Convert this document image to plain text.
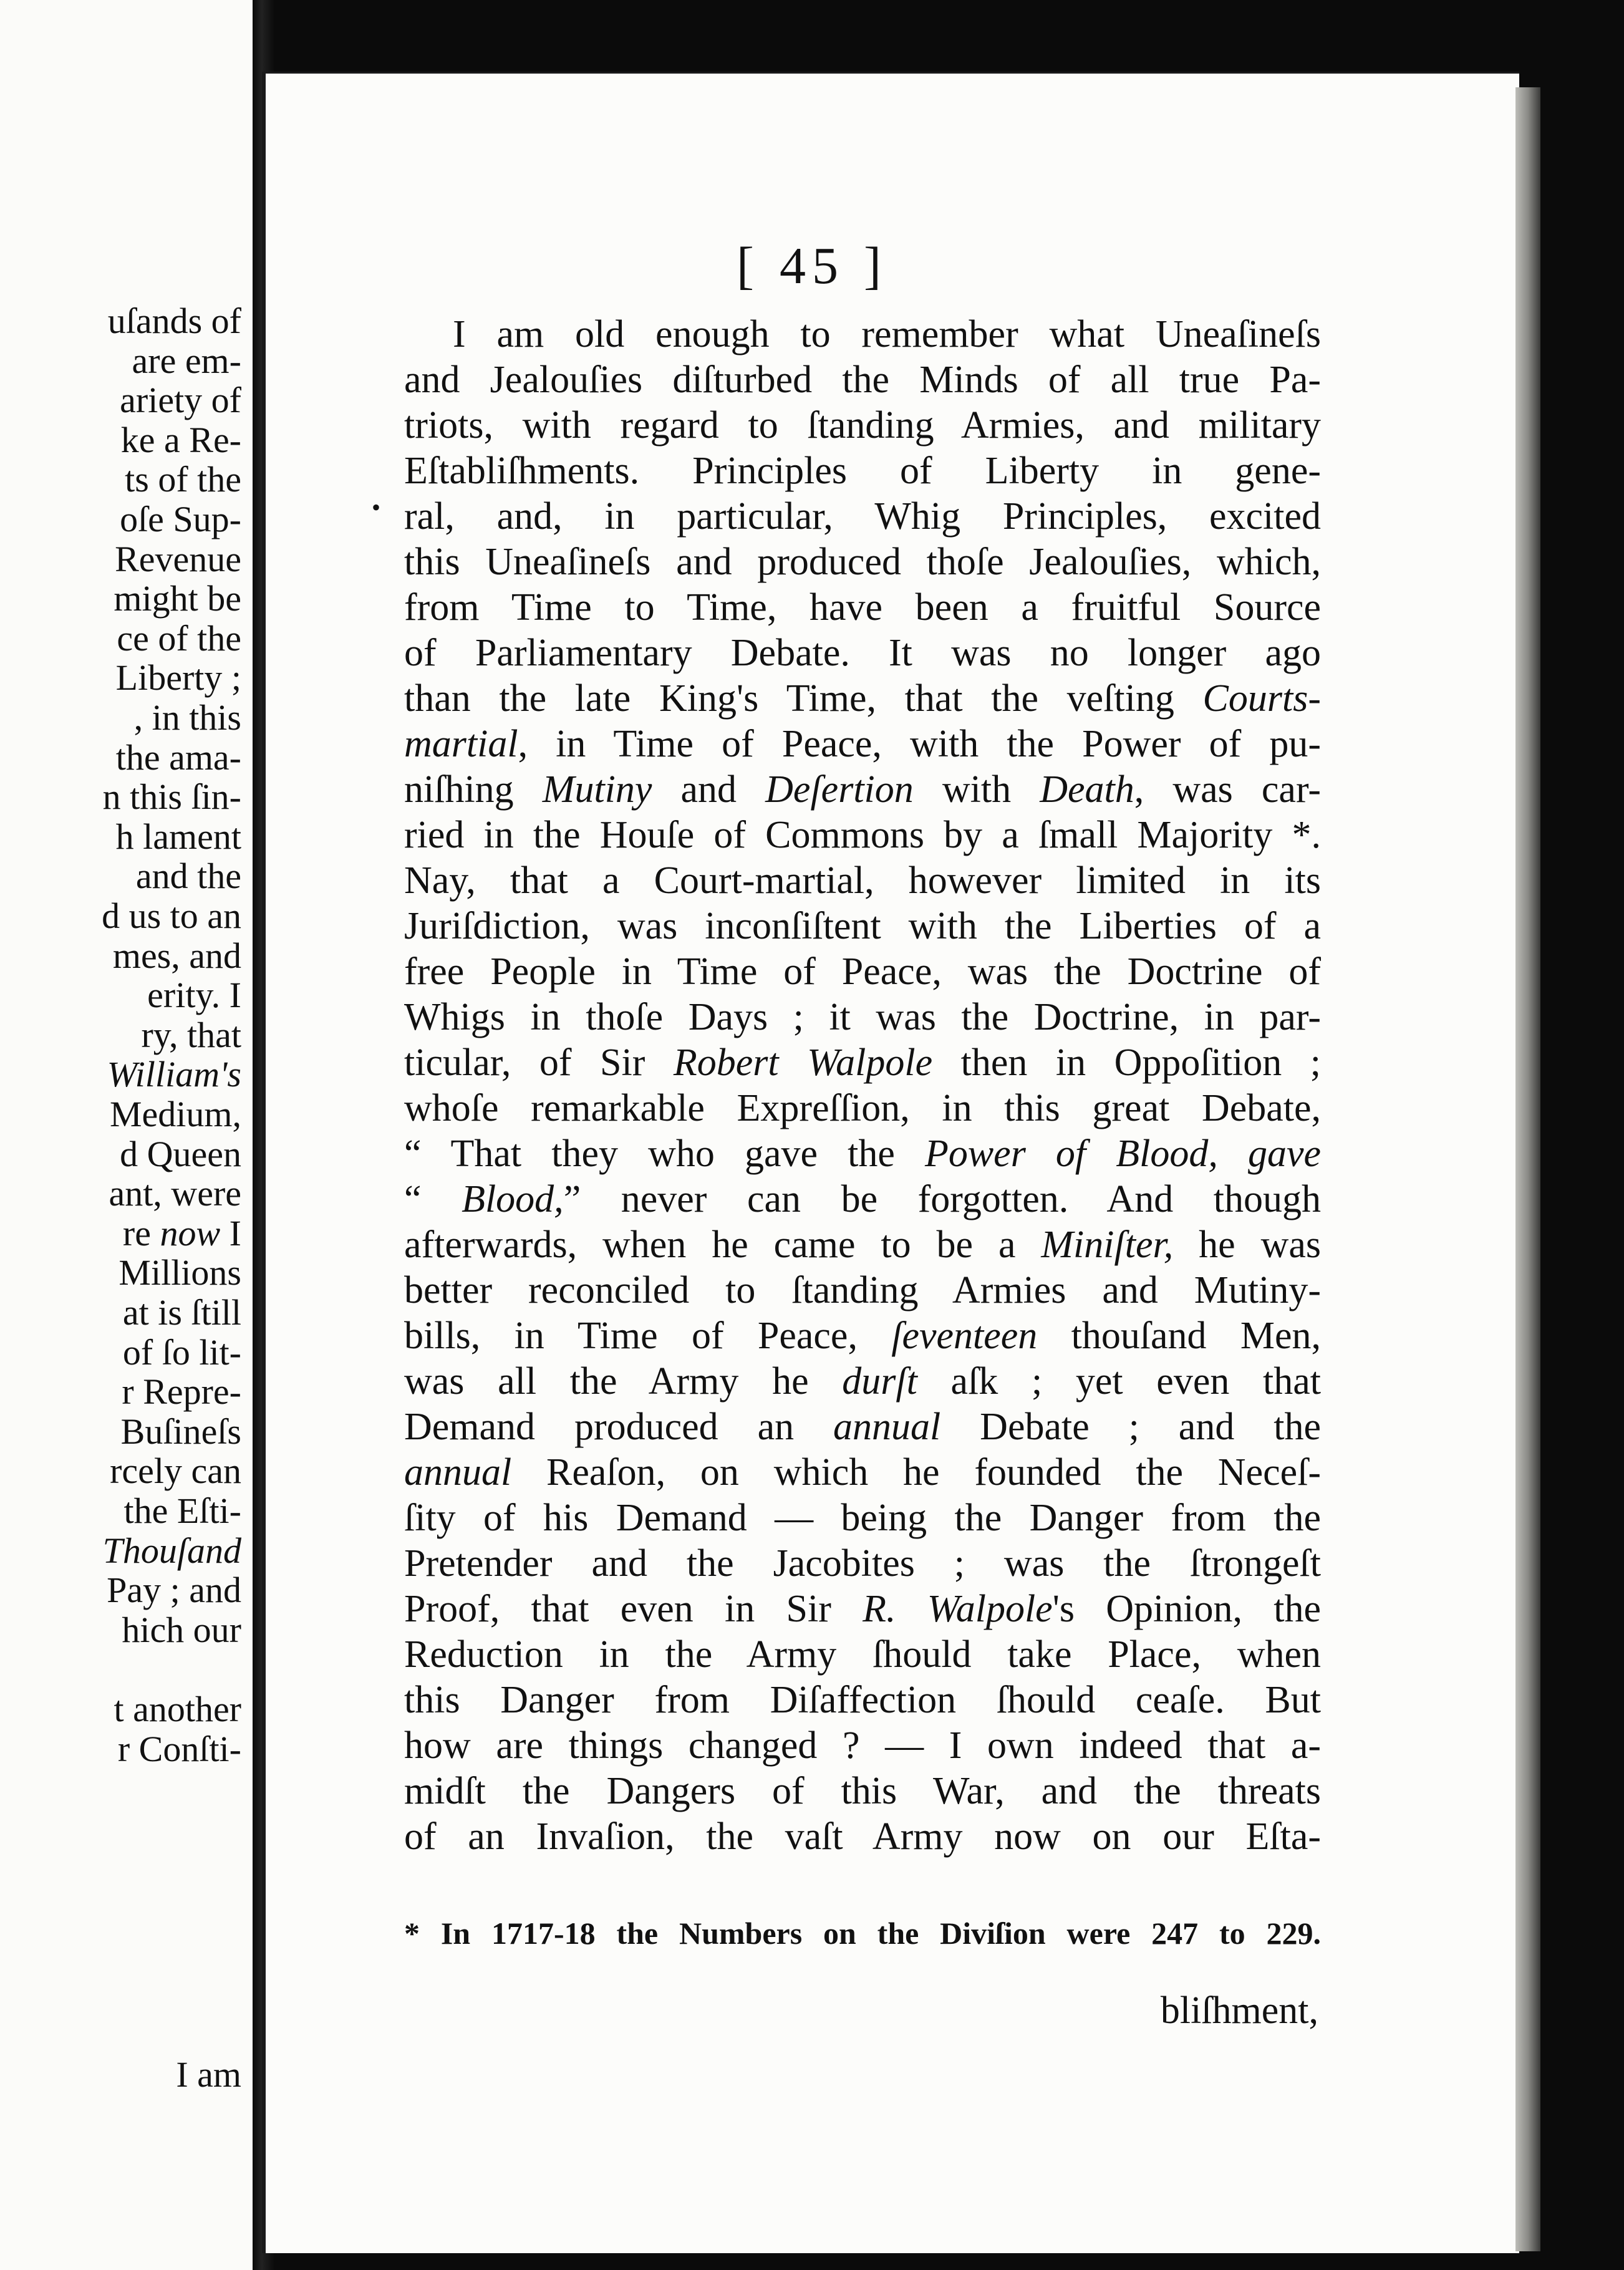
uſands of
are em-
ariety of
ke a Re-
ts of the
oſe Sup-
Revenue
might be
ce of the
Liberty ;
, in this
the ama-
n this ſin-
h lament
and the
d us to an
mes, and
erity. I
ry, that
William's
Medium,
d Queen
ant, were
re now I
Millions
at is ſtill
of ſo lit-
r Repre-
Buſineſs
rcely can
the Eſti-
Thouſand
Pay ; and
hich our
t another
r Conſti-
I am
[ 45 ]
•
I am old enough to remember what Uneaſineſs
and Jealouſies diſturbed the Minds of all true Pa-
triots, with regard to ſtanding Armies, and military
Eſtabliſhments. Principles of Liberty in gene-
ral, and, in particular, Whig Principles, excited
this Uneaſineſs and produced thoſe Jealouſies, which,
from Time to Time, have been a fruitful Source
of Parliamentary Debate. It was no longer ago
than the late King's Time, that the veſting Courts-
martial, in Time of Peace, with the Power of pu-
niſhing Mutiny and Deſertion with Death, was car-
ried in the Houſe of Commons by a ſmall Majority *.
Nay, that a Court-martial, however limited in its
Juriſdiction, was inconſiſtent with the Liberties of a
free People in Time of Peace, was the Doctrine of
Whigs in thoſe Days ; it was the Doctrine, in par-
ticular, of Sir Robert Walpole then in Oppoſition ;
whoſe remarkable Expreſſion, in this great Debate,
“ That they who gave the Power of Blood, gave
“ Blood,” never can be forgotten. And though
afterwards, when he came to be a Miniſter, he was
better reconciled to ſtanding Armies and Mutiny-
bills, in Time of Peace, ſeventeen thouſand Men,
was all the Army he durſt aſk ; yet even that
Demand produced an annual Debate ; and the
annual Reaſon, on which he founded the Neceſ-
ſity of his Demand — being the Danger from the
Pretender and the Jacobites ; was the ſtrongeſt
Proof, that even in Sir R. Walpole's Opinion, the
Reduction in the Army ſhould take Place, when
this Danger from Diſaffection ſhould ceaſe. But
how are things changed ? — I own indeed that a-
midſt the Dangers of this War, and the threats
of an Invaſion, the vaſt Army now on our Eſta-
* In 1717-18 the Numbers on the Diviſion were 247 to 229.
bliſhment,
